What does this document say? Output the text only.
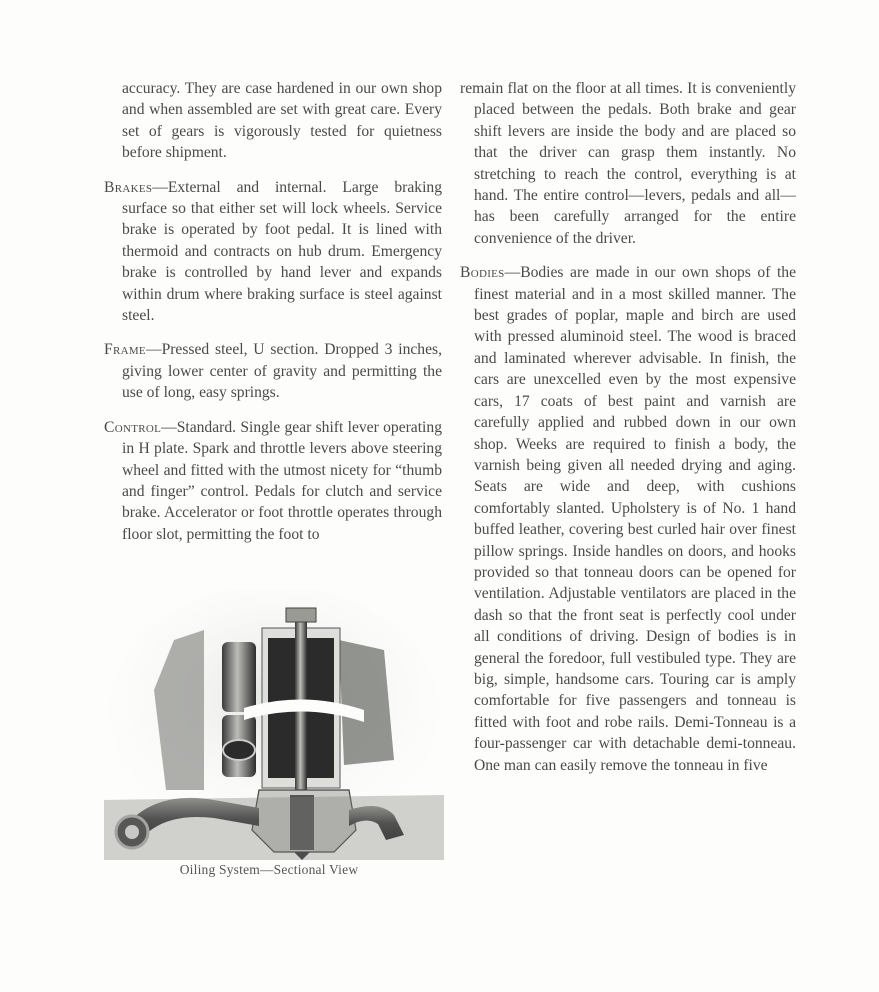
accuracy. They are case hardened in our own shop and when assembled are set with great care. Every set of gears is vigorously tested for quietness before shipment.

Brakes—External and internal. Large braking surface so that either set will lock wheels. Service brake is operated by foot pedal. It is lined with thermoid and contracts on hub drum. Emergency brake is controlled by hand lever and expands within drum where braking surface is steel against steel.

Frame—Pressed steel, U section. Dropped 3 inches, giving lower center of gravity and permitting the use of long, easy springs.

Control—Standard. Single gear shift lever operating in H plate. Spark and throttle levers above steering wheel and fitted with the utmost nicety for “thumb and finger” control. Pedals for clutch and service brake. Accelerator or foot throttle operates through floor slot, permitting the foot to

remain flat on the floor at all times. It is conveniently placed between the pedals. Both brake and gear shift levers are inside the body and are placed so that the driver can grasp them instantly. No stretching to reach the control, everything is at hand. The entire control—levers, pedals and all—has been carefully arranged for the entire convenience of the driver.

Bodies—Bodies are made in our own shops of the finest material and in a most skilled manner. The best grades of poplar, maple and birch are used with pressed aluminoid steel. The wood is braced and laminated wherever advisable. In finish, the cars are unexcelled even by the most expensive cars, 17 coats of best paint and varnish are carefully applied and rubbed down in our own shop. Weeks are required to finish a body, the varnish being given all needed drying and aging. Seats are wide and deep, with cushions comfortably slanted. Upholstery is of No. 1 hand buffed leather, covering best curled hair over finest pillow springs. Inside handles on doors, and hooks provided so that tonneau doors can be opened for ventilation. Adjustable ventilators are placed in the dash so that the front seat is perfectly cool under all conditions of driving. Design of bodies is in general the foredoor, full vestibuled type. They are big, simple, handsome cars. Touring car is amply comfortable for five passengers and tonneau is fitted with foot and robe rails. Demi-Tonneau is a four-passenger car with detachable demi-tonneau. One man can easily remove the tonneau in five

Oiling System—Sectional View
